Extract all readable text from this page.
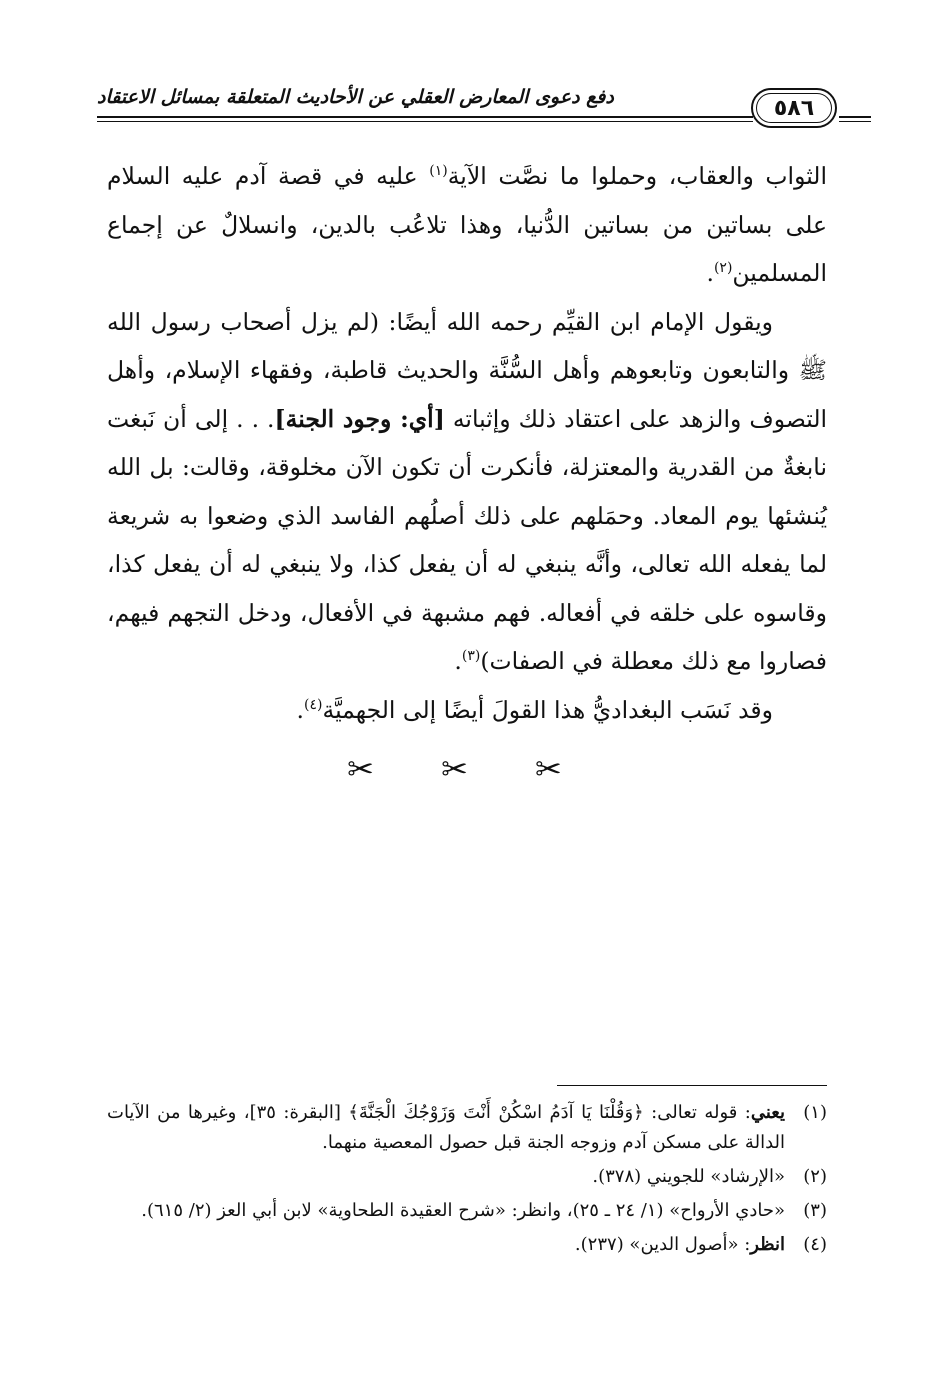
٥٨٦
دفع دعوى المعارض العقلي عن الأحاديث المتعلقة بمسائل الاعتقاد

الثواب والعقاب، وحملوا ما نصَّت الآية$^{(١)}$ عليه في قصة آدم عليه السلام على بساتين من بساتين الدُّنيا، وهذا تلاعُب بالدين، وانسلالٌ عن إجماع المسلمين$^{(٢)}$.

ويقول الإمام ابن القيِّم رحمه الله أيضًا: (لم يزل أصحاب رسول الله ﷺ والتابعون وتابعوهم وأهل السُّنَّة والحديث قاطبة، وفقهاء الإسلام، وأهل التصوف والزهد على اعتقاد ذلك وإثباته [أي: وجود الجنة]. . . إلى أن نَبغت نابغةٌ من القدرية والمعتزلة، فأنكرت أن تكون الآن مخلوقة، وقالت: بل الله يُنشئها يوم المعاد. وحمَلهم على ذلك أصلُهم الفاسد الذي وضعوا به شريعة لما يفعله الله تعالى، وأنَّه ينبغي له أن يفعل كذا، ولا ينبغي له أن يفعل كذا، وقاسوه على خلقه في أفعاله. فهم مشبهة في الأفعال، ودخل التجهم فيهم، فصاروا مع ذلك معطلة في الصفات)$^{(٣)}$.

وقد نَسَب البغداديُّ هذا القولَ أيضًا إلى الجهميَّة$^{(٤)}$.

✂ ✂ ✂
(١)
يعني: قوله تعالى: ﴿وَقُلْنَا يَا آدَمُ اسْكُنْ أَنْتَ وَزَوْجُكَ الْجَنَّةَ﴾ [البقرة: ٣٥]، وغيرها من الآيات الدالة على مسكن آدم وزوجه الجنة قبل حصول المعصية منهما.
(٢)
«الإرشاد» للجويني (٣٧٨).
(٣)
«حادي الأرواح» (١/ ٢٤ ـ ٢٥)، وانظر: «شرح العقيدة الطحاوية» لابن أبي العز (٢/ ٦١٥).
(٤)
انظر: «أصول الدين» (٢٣٧).
